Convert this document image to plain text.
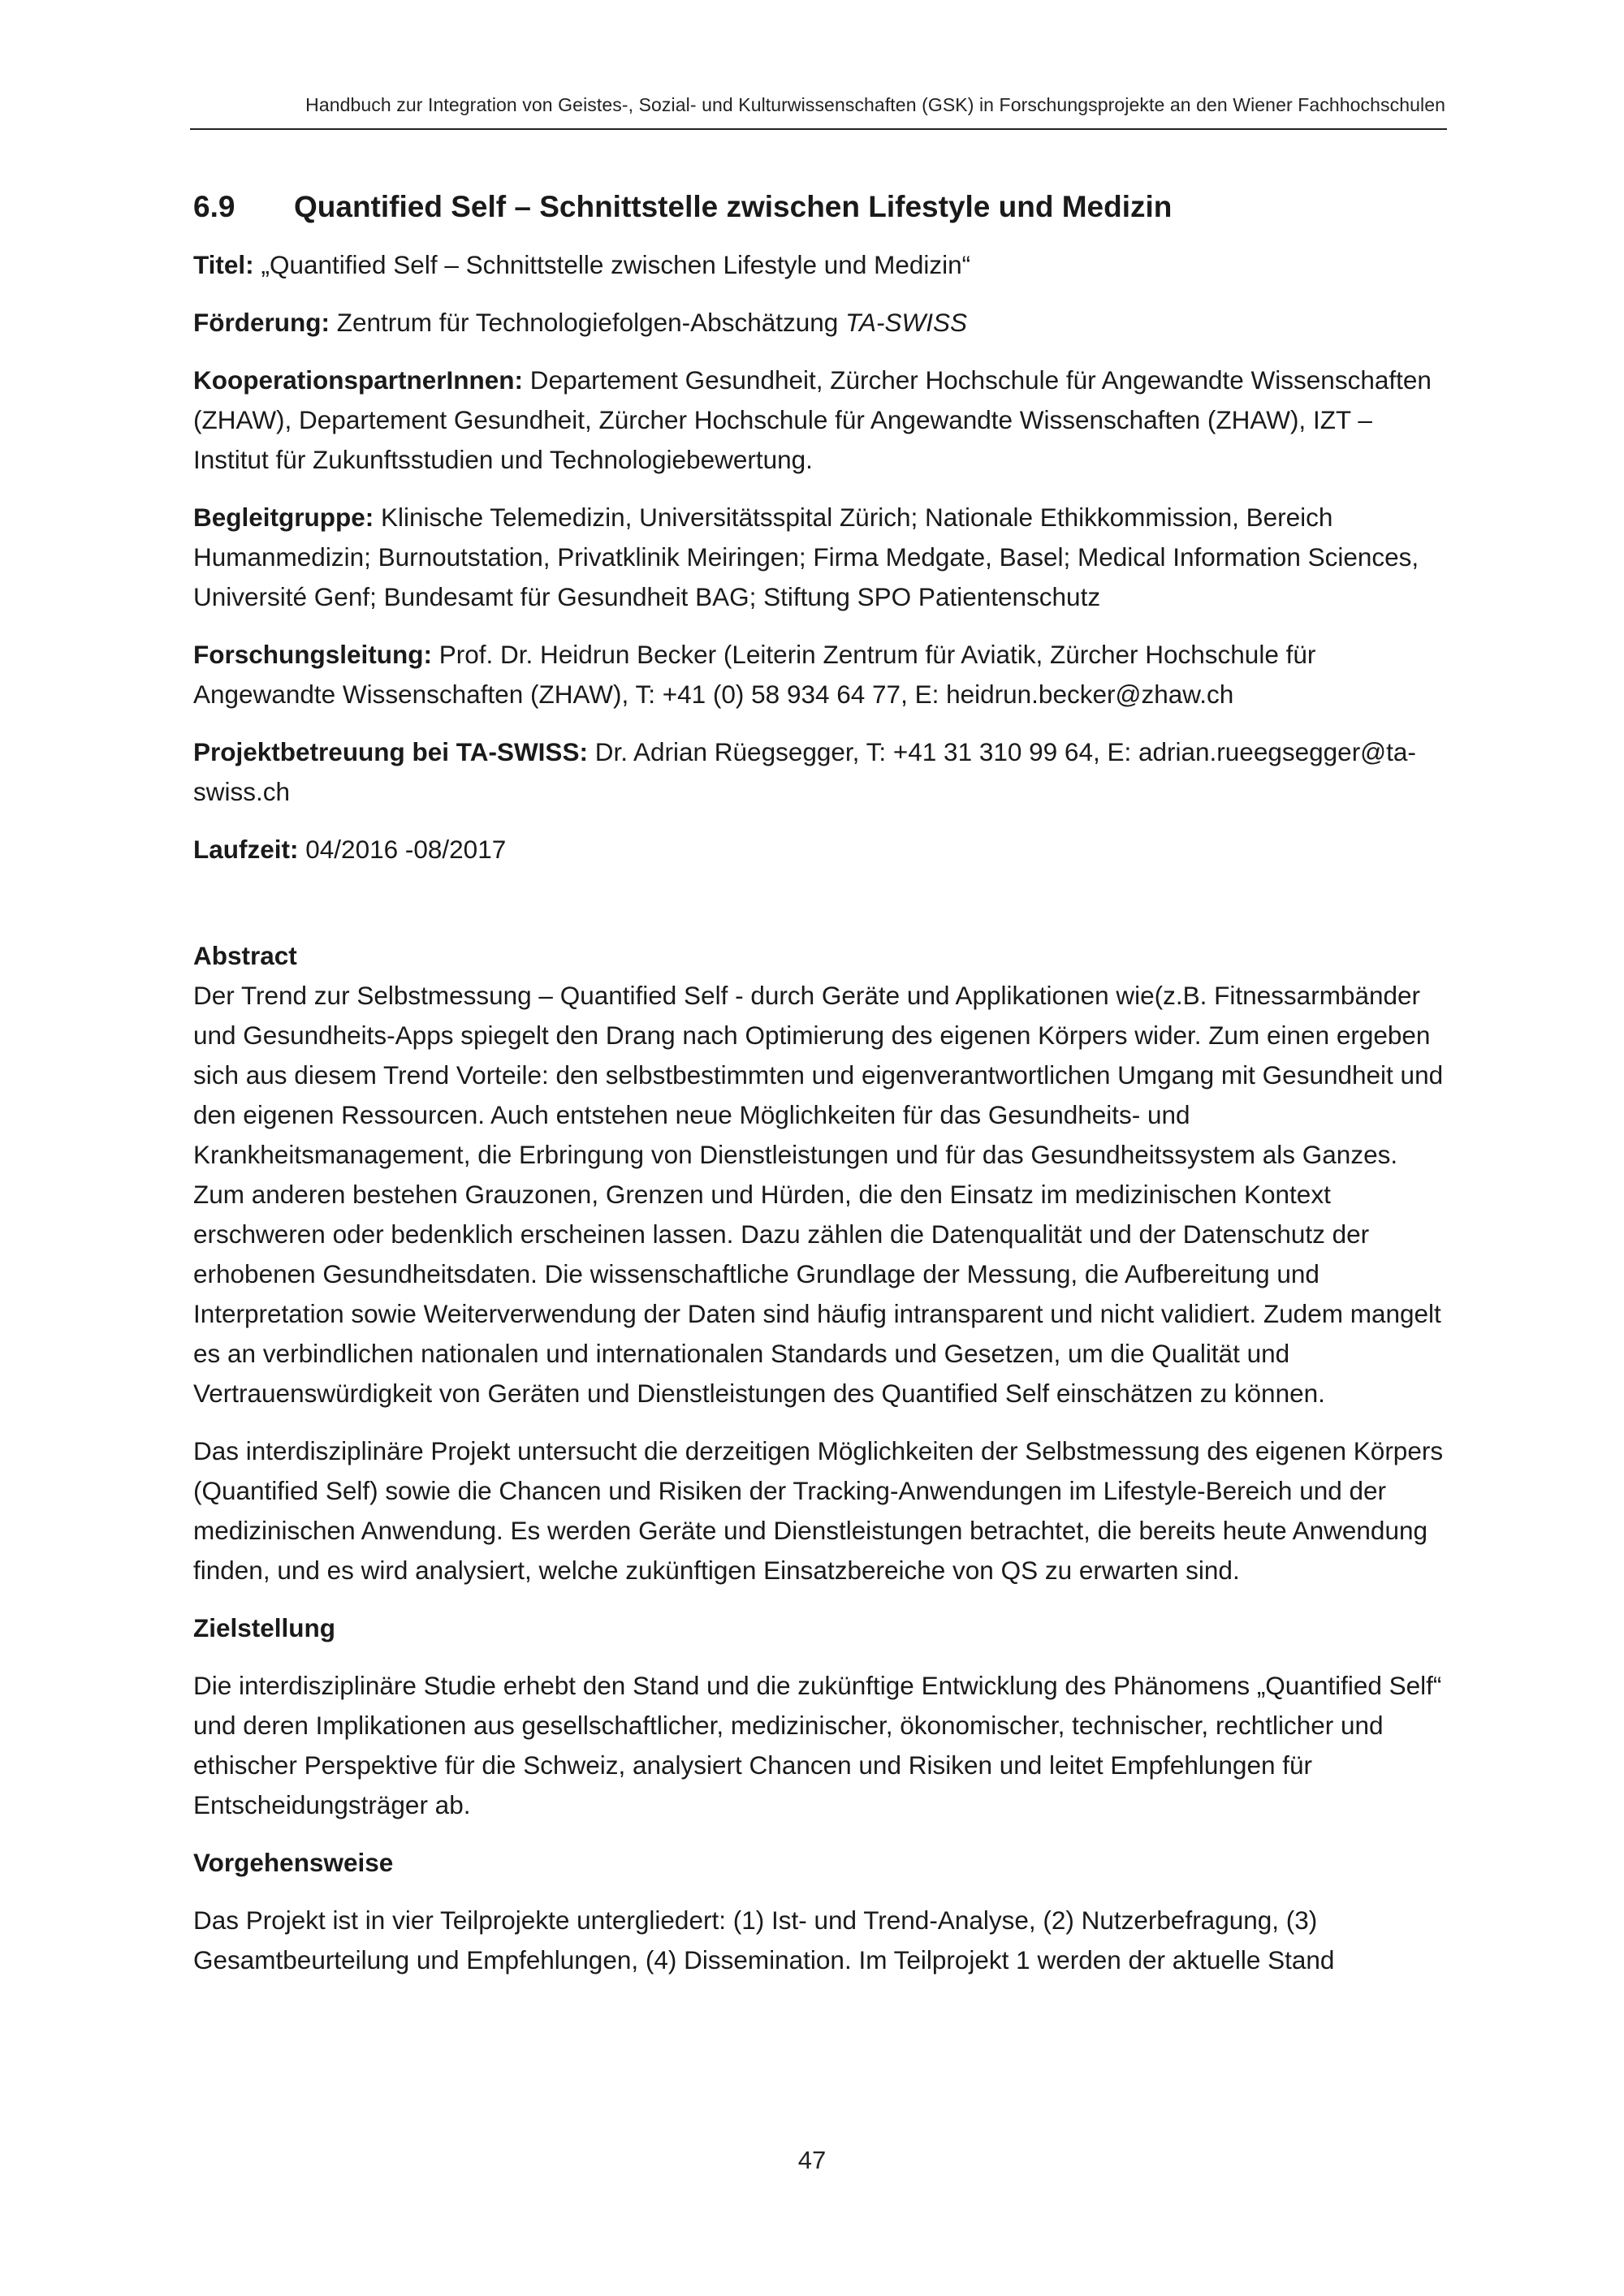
Handbuch zur Integration von Geistes-, Sozial- und Kulturwissenschaften (GSK) in Forschungsprojekte an den Wiener Fachhochschulen
6.9 Quantified Self – Schnittstelle zwischen Lifestyle und Medizin

Titel: „Quantified Self – Schnittstelle zwischen Lifestyle und Medizin“

Förderung: Zentrum für Technologiefolgen-Abschätzung TA-SWISS

KooperationspartnerInnen: Departement Gesundheit, Zürcher Hochschule für Angewandte Wissenschaften (ZHAW), Departement Gesundheit, Zürcher Hochschule für Angewandte Wissenschaften (ZHAW), IZT – Institut für Zukunftsstudien und Technologiebewertung.

Begleitgruppe: Klinische Telemedizin, Universitätsspital Zürich; Nationale Ethikkommission, Bereich Humanmedizin; Burnoutstation, Privatklinik Meiringen; Firma Medgate, Basel; Medical Information Sciences, Université Genf; Bundesamt für Gesundheit BAG; Stiftung SPO Patientenschutz

Forschungsleitung: Prof. Dr. Heidrun Becker (Leiterin Zentrum für Aviatik, Zürcher Hochschule für Angewandte Wissenschaften (ZHAW), T: +41 (0) 58 934 64 77, E: heidrun.becker@zhaw.ch

Projektbetreuung bei TA-SWISS: Dr. Adrian Rüegsegger, T: +41 31 310 99 64, E: adrian.rueegsegger@ta-swiss.ch

Laufzeit: 04/2016 -08/2017

Abstract

Der Trend zur Selbstmessung – Quantified Self - durch Geräte und Applikationen wie(z.B. Fitnessarmbänder und Gesundheits-Apps spiegelt den Drang nach Optimierung des eigenen Körpers wider. Zum einen ergeben sich aus diesem Trend Vorteile: den selbstbestimmten und eigenverantwortlichen Umgang mit Gesundheit und den eigenen Ressourcen. Auch entstehen neue Möglichkeiten für das Gesundheits- und Krankheitsmanagement, die Erbringung von Dienstleistungen und für das Gesundheitssystem als Ganzes. Zum anderen bestehen Grauzonen, Grenzen und Hürden, die den Einsatz im medizinischen Kontext erschweren oder bedenklich erscheinen lassen. Dazu zählen die Datenqualität und der Datenschutz der erhobenen Gesundheitsdaten. Die wissenschaftliche Grundlage der Messung, die Aufbereitung und Interpretation sowie Weiterverwendung der Daten sind häufig intransparent und nicht validiert. Zudem mangelt es an verbindlichen nationalen und internationalen Standards und Gesetzen, um die Qualität und Vertrauenswürdigkeit von Geräten und Dienstleistungen des Quantified Self einschätzen zu können.

Das interdisziplinäre Projekt untersucht die derzeitigen Möglichkeiten der Selbstmessung des eigenen Körpers (Quantified Self) sowie die Chancen und Risiken der Tracking-Anwendungen im Lifestyle-Bereich und der medizinischen Anwendung. Es werden Geräte und Dienstleistungen betrachtet, die bereits heute Anwendung finden, und es wird analysiert, welche zukünftigen Einsatzbereiche von QS zu erwarten sind.

Zielstellung

Die interdisziplinäre Studie erhebt den Stand und die zukünftige Entwicklung des Phänomens „Quantified Self“ und deren Implikationen aus gesellschaftlicher, medizinischer, ökonomischer, technischer, rechtlicher und ethischer Perspektive für die Schweiz, analysiert Chancen und Risiken und leitet Empfehlungen für Entscheidungsträger ab.

Vorgehensweise

Das Projekt ist in vier Teilprojekte untergliedert: (1) Ist- und Trend-Analyse, (2) Nutzerbefragung, (3) Gesamtbeurteilung und Empfehlungen, (4) Dissemination. Im Teilprojekt 1 werden der aktuelle Stand

47
